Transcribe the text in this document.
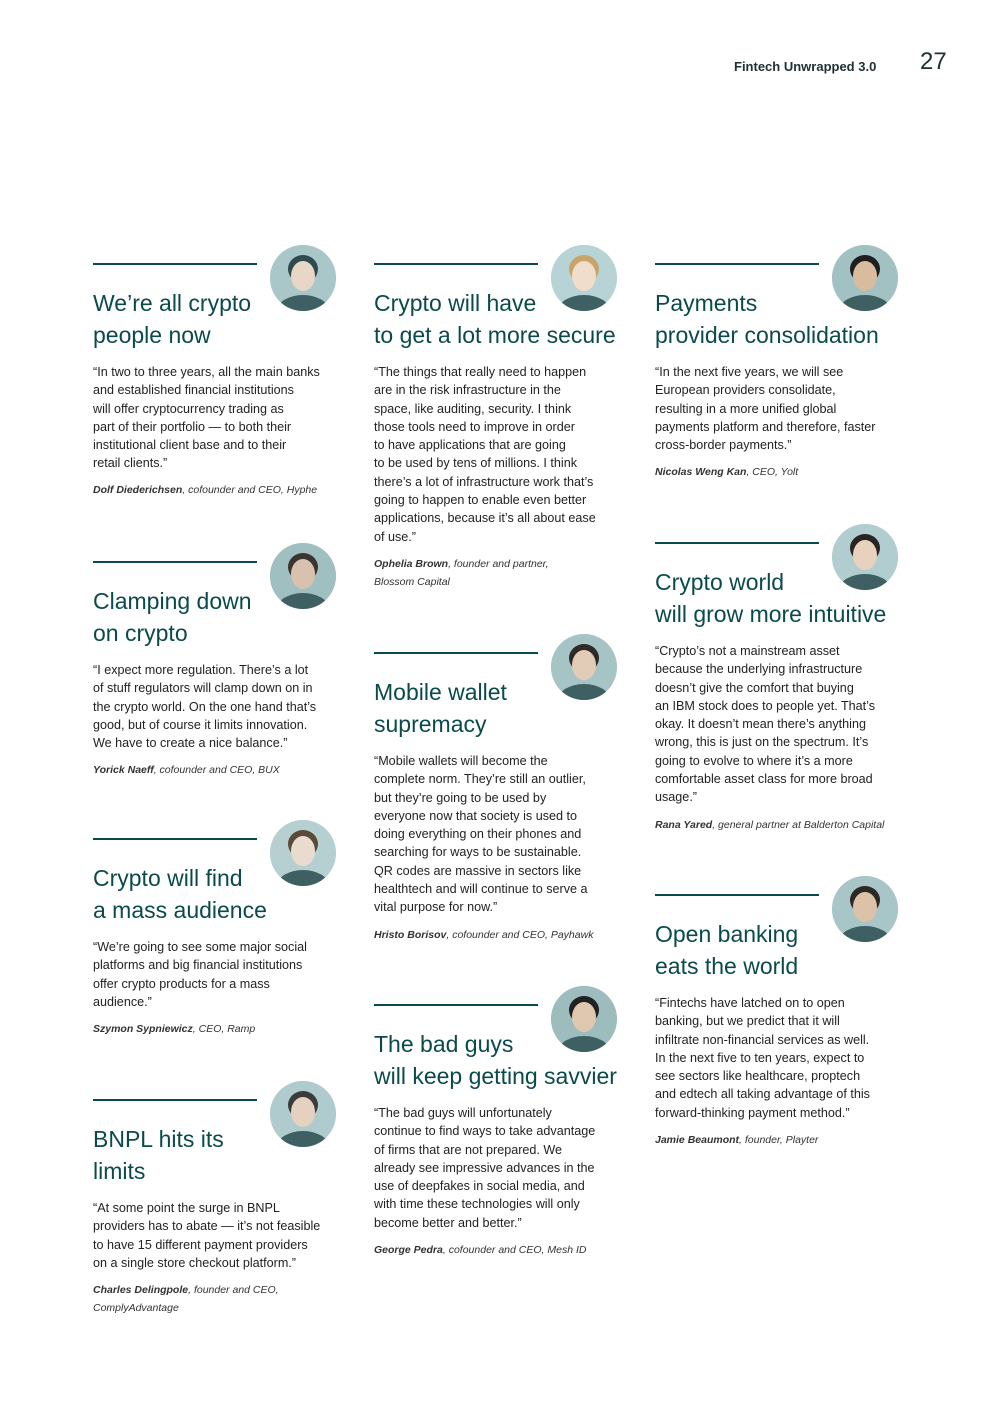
Fintech Unwrapped 3.0 27
We’re all crypto
people now

“In two to three years, all the main banks
and established financial institutions
will offer cryptocurrency trading as
part of their portfolio — to both their
institutional client base and to their
retail clients.”

Dolf Diederichsen, cofounder and CEO, Hyphe

Clamping down
on crypto

“I expect more regulation. There’s a lot
of stuff regulators will clamp down on in
the crypto world. On the one hand that’s
good, but of course it limits innovation.
We have to create a nice balance.”

Yorick Naeff, cofounder and CEO, BUX

Crypto will find
a mass audience

“We’re going to see some major social
platforms and big financial institutions
offer crypto products for a mass
audience.”

Szymon Sypniewicz, CEO, Ramp

BNPL hits its
limits

“At some point the surge in BNPL
providers has to abate — it’s not feasible
to have 15 different payment providers
on a single store checkout platform.”

Charles Delingpole, founder and CEO, ComplyAdvantage

Crypto will have
to get a lot more secure

“The things that really need to happen
are in the risk infrastructure in the
space, like auditing, security. I think
those tools need to improve in order
to have applications that are going
to be used by tens of millions. I think
there’s a lot of infrastructure work that’s
going to happen to enable even better
applications, because it’s all about ease
of use.”

Ophelia Brown, founder and partner, Blossom Capital

Mobile wallet
supremacy

“Mobile wallets will become the
complete norm. They’re still an outlier,
but they’re going to be used by
everyone now that society is used to
doing everything on their phones and
searching for ways to be sustainable.
QR codes are massive in sectors like
healthtech and will continue to serve a
vital purpose for now.”

Hristo Borisov, cofounder and CEO, Payhawk

The bad guys
will keep getting savvier

“The bad guys will unfortunately
continue to find ways to take advantage
of firms that are not prepared. We
already see impressive advances in the
use of deepfakes in social media, and
with time these technologies will only
become better and better.”

George Pedra, cofounder and CEO, Mesh ID

Payments
provider consolidation

“In the next five years, we will see
European providers consolidate,
resulting in a more unified global
payments platform and therefore, faster
cross-border payments.”

Nicolas Weng Kan, CEO, Yolt

Crypto world
will grow more intuitive

“Crypto’s not a mainstream asset
because the underlying infrastructure
doesn’t give the comfort that buying
an IBM stock does to people yet. That’s
okay. It doesn’t mean there’s anything
wrong, this is just on the spectrum. It’s
going to evolve to where it’s a more
comfortable asset class for more broad
usage.”

Rana Yared, general partner at Balderton Capital

Open banking
eats the world

“Fintechs have latched on to open
banking, but we predict that it will
infiltrate non-financial services as well.
In the next five to ten years, expect to
see sectors like healthcare, proptech
and edtech all taking advantage of this
forward-thinking payment method.”

Jamie Beaumont, founder, Playter
